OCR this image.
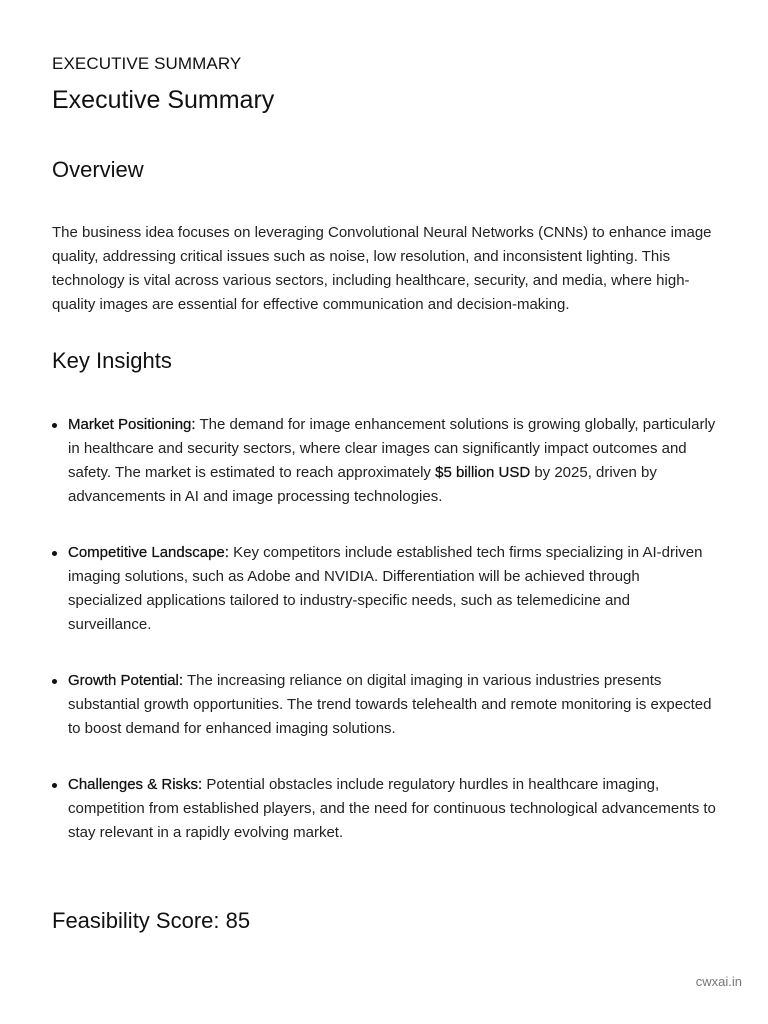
EXECUTIVE SUMMARY
Executive Summary
Overview

The business idea focuses on leveraging Convolutional Neural Networks (CNNs) to enhance image quality, addressing critical issues such as noise, low resolution, and inconsistent lighting. This technology is vital across various sectors, including healthcare, security, and media, where high-quality images are essential for effective communication and decision-making.

Key Insights
Market Positioning: The demand for image enhancement solutions is growing globally, particularly in healthcare and security sectors, where clear images can significantly impact outcomes and safety. The market is estimated to reach approximately $5 billion USD by 2025, driven by advancements in AI and image processing technologies.
Competitive Landscape: Key competitors include established tech firms specializing in AI-driven imaging solutions, such as Adobe and NVIDIA. Differentiation will be achieved through specialized applications tailored to industry-specific needs, such as telemedicine and surveillance.
Growth Potential: The increasing reliance on digital imaging in various industries presents substantial growth opportunities. The trend towards telehealth and remote monitoring is expected to boost demand for enhanced imaging solutions.
Challenges & Risks: Potential obstacles include regulatory hurdles in healthcare imaging, competition from established players, and the need for continuous technological advancements to stay relevant in a rapidly evolving market.
Feasibility Score: 85
cwxai.in
